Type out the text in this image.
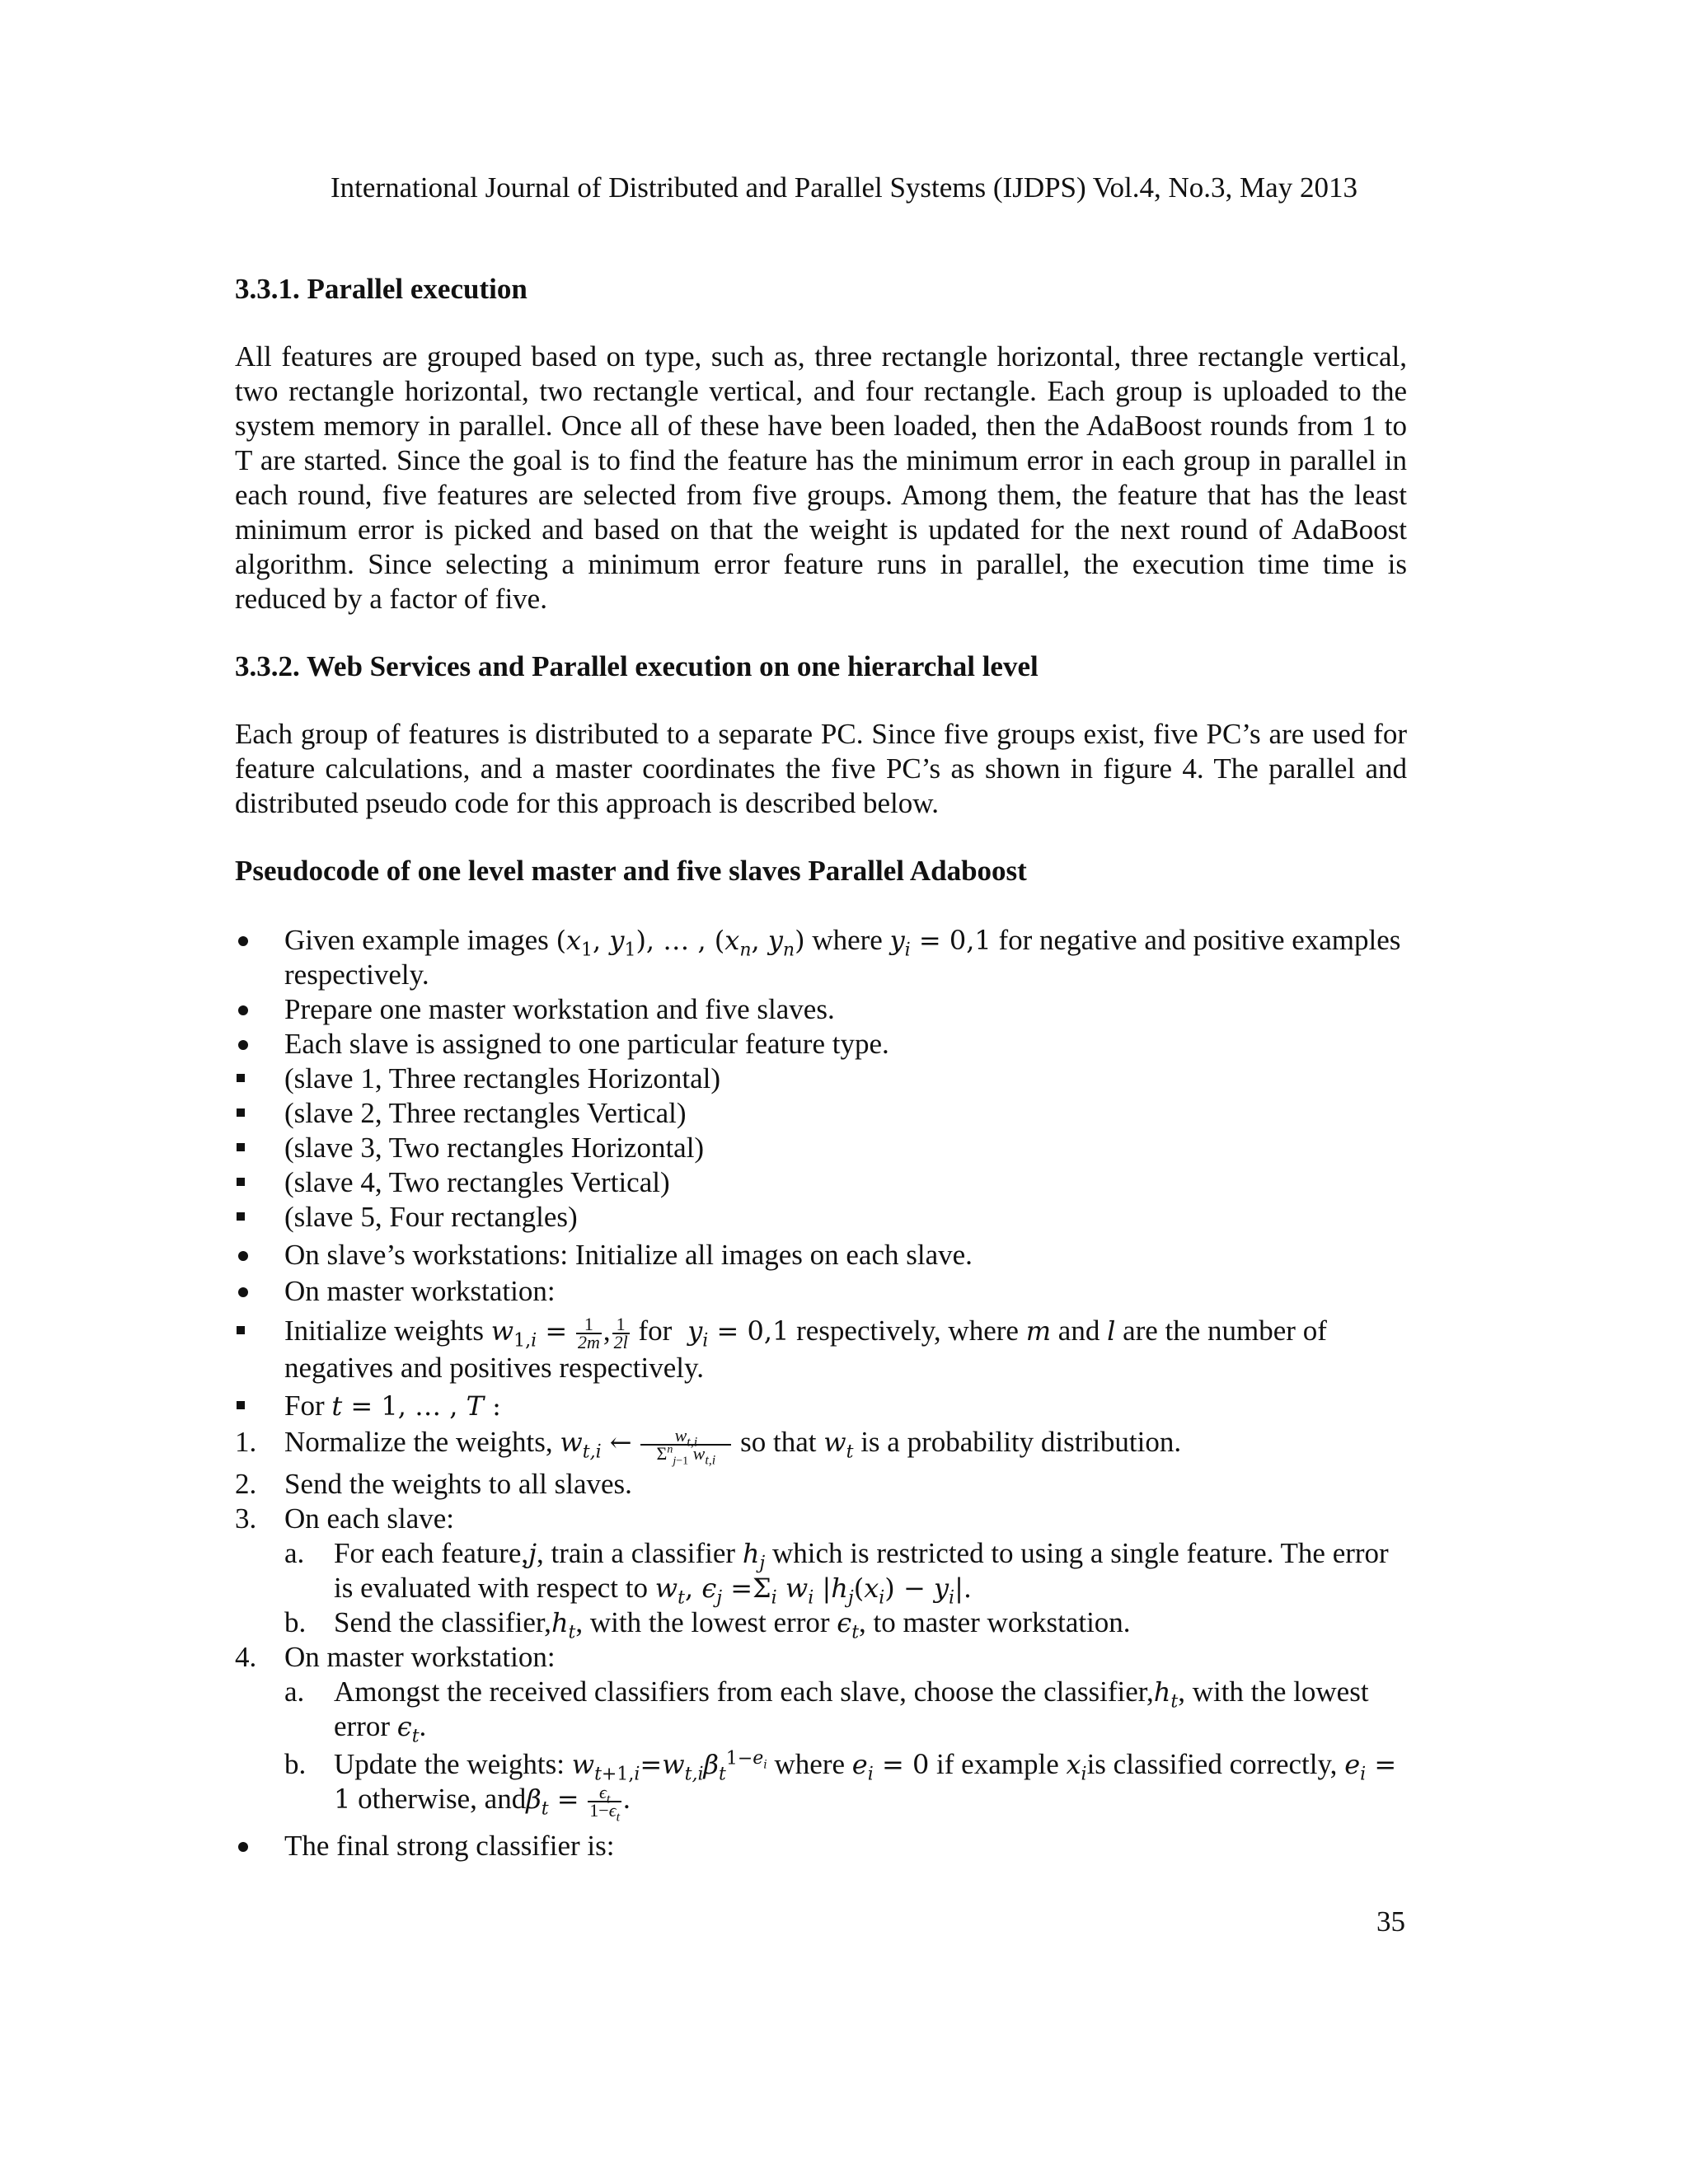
International Journal of Distributed and Parallel Systems (IJDPS) Vol.4, No.3, May 2013
3.3.1. Parallel execution

All features are grouped based on type, such as, three rectangle horizontal, three rectangle vertical, two rectangle horizontal, two rectangle vertical, and four rectangle. Each group is uploaded to the system memory in parallel. Once all of these have been loaded, then the AdaBoost rounds from 1 to T are started. Since the goal is to find the feature has the minimum error in each group in parallel in each round, five features are selected from five groups. Among them, the feature that has the least minimum error is picked and based on that the weight is updated for the next round of AdaBoost algorithm. Since selecting a minimum error feature runs in parallel, the execution time time is reduced by a factor of five.

3.3.2. Web Services and Parallel execution on one hierarchal level

Each group of features is distributed to a separate PC. Since five groups exist, five PC’s are used for feature calculations, and a master coordinates the five PC’s as shown in figure 4. The parallel and distributed pseudo code for this approach is described below.

Pseudocode of one level master and five slaves Parallel Adaboost
Given example images ($x_1$, $y_1$), … , ($x_n$, $y_n$) where $y_i = 0,1$ for negative and positive examples respectively.
Prepare one master workstation and five slaves.
Each slave is assigned to one particular feature type.
(slave 1, Three rectangles Horizontal)
(slave 2, Three rectangles Vertical)
(slave 3, Two rectangles Horizontal)
(slave 4, Two rectangles Vertical)
(slave 5, Four rectangles)
On slave’s workstations: Initialize all images on each slave.
On master workstation:
Initialize weights $w_{1,i} = \frac{1}{2m}$ , $\frac{1}{2l}$ for $y_i = 0,1$ respectively, where m and l are the number of negatives and positives respectively.
For t = 1, … , T :
1. Normalize the weights, $w_{t,i}$ ← $\frac{w_{t,i}}{\Sigma^n_{j-1} w_{t,i}}$ so that $w_t$ is a probability distribution.
2. Send the weights to all slaves.
3. On each slave:
a. For each feature,j, train a classifier $h_j$ which is restricted to using a single feature. The error is evaluated with respect to $w_t$, $\epsilon_j =\Sigma_i$ $w_i$ $|h_j(x_i) - y_i|$.
b. Send the $classifier,h_t$, with the lowest error $\epsilon_t$, to master workstation.
4. On master workstation:
a. Amongst the received classifiers from each slave, choose the $classifier,h_t$, with the lowest error $\epsilon_t$.
b. Update the weights: $w_{t+1,i}=w_{t,i}\beta_t^{1-e_i}$ where $e_i = 0$ if example $x_iis$ classified correctly, $e_i = 1$ otherwise, $and\beta_t = \frac{\epsilon_t}{1-\epsilon_t}$ .
The final strong classifier is:
35
